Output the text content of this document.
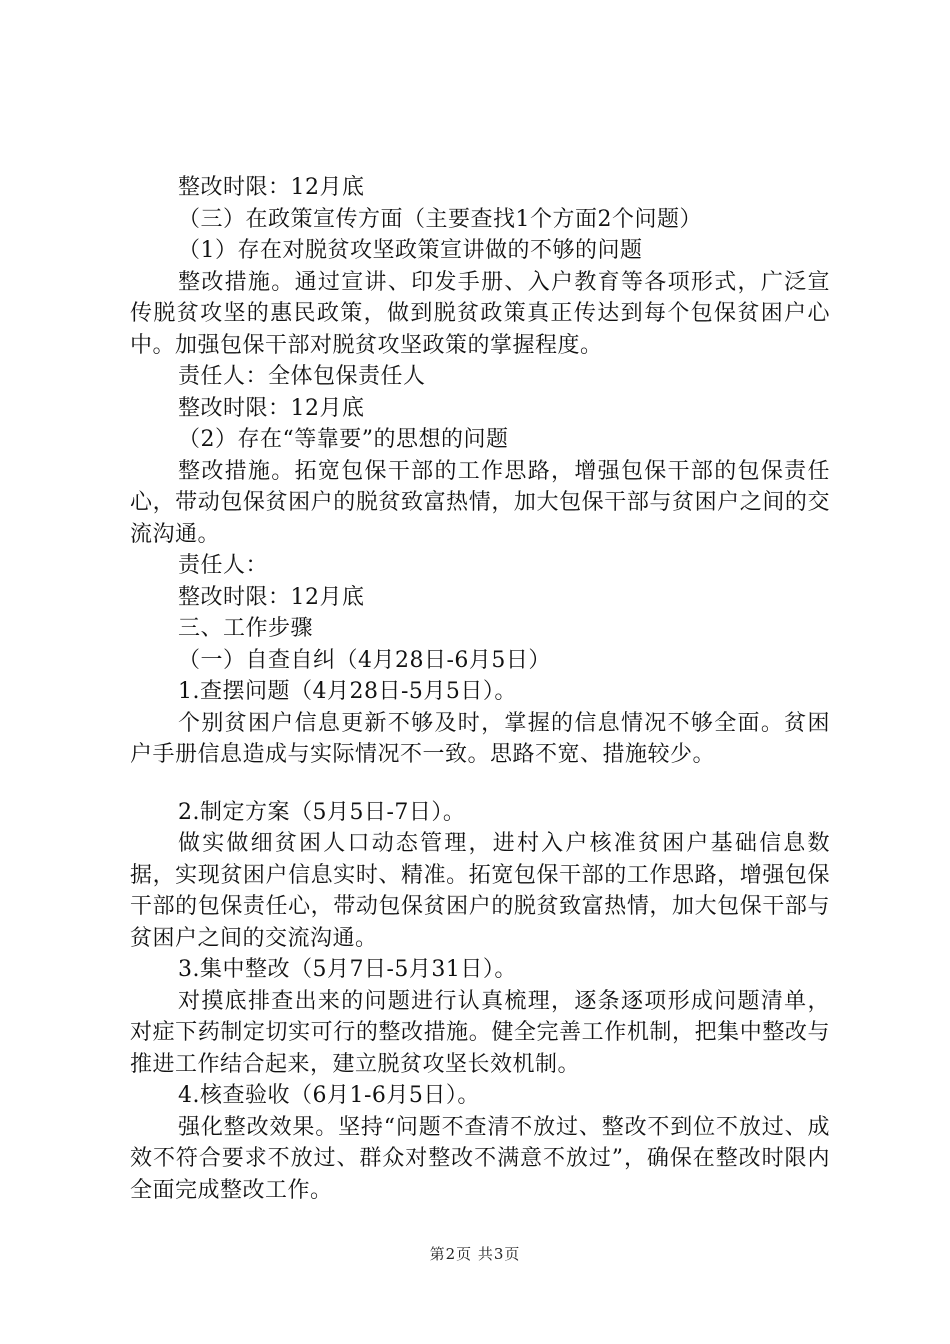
整改时限：12月底

（三）在政策宣传方面（主要查找1个方面2个问题）

（1）存在对脱贫攻坚政策宣讲做的不够的问题

整改措施。通过宣讲、印发手册、入户教育等各项形式，广泛宣传脱贫攻坚的惠民政策，做到脱贫政策真正传达到每个包保贫困户心中。加强包保干部对脱贫攻坚政策的掌握程度。

责任人：全体包保责任人

整改时限：12月底

（2）存在“等靠要”的思想的问题

整改措施。拓宽包保干部的工作思路，增强包保干部的包保责任心，带动包保贫困户的脱贫致富热情，加大包保干部与贫困户之间的交流沟通。

责任人：

整改时限：12月底

三、工作步骤

（一）自查自纠（4月28日-6月5日）

1.查摆问题（4月28日-5月5日）。

个别贫困户信息更新不够及时，掌握的信息情况不够全面。贫困户手册信息造成与实际情况不一致。思路不宽、措施较少。

2.制定方案（5月5日-7日）。

做实做细贫困人口动态管理，进村入户核准贫困户基础信息数据，实现贫困户信息实时、精准。拓宽包保干部的工作思路，增强包保干部的包保责任心，带动包保贫困户的脱贫致富热情，加大包保干部与贫困户之间的交流沟通。

3.集中整改（5月7日-5月31日）。

对摸底排查出来的问题进行认真梳理，逐条逐项形成问题清单，对症下药制定切实可行的整改措施。健全完善工作机制，把集中整改与推进工作结合起来，建立脱贫攻坚长效机制。

4.核查验收（6月1-6月5日）。

强化整改效果。坚持“问题不查清不放过、整改不到位不放过、成效不符合要求不放过、群众对整改不满意不放过”，确保在整改时限内全面完成整改工作。

第2页 共3页
